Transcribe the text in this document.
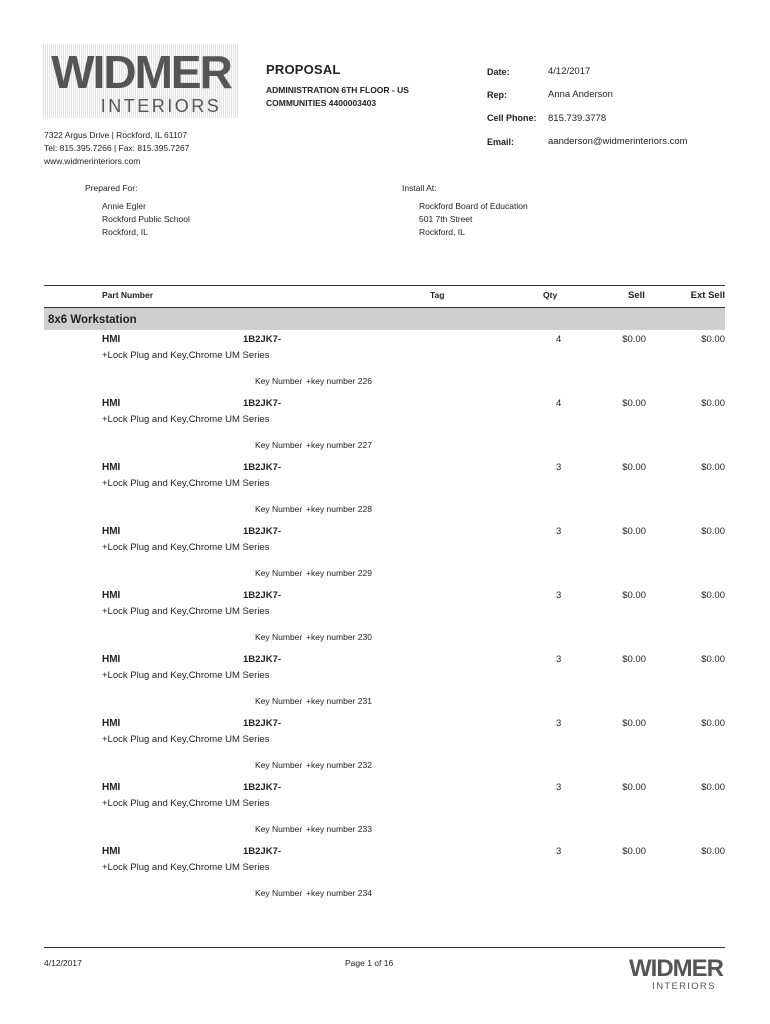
WIDMER
INTERIORS
PROPOSAL
ADMINISTRATION 6TH FLOOR - US
COMMUNITIES 4400003403
Date:	4/12/2017
Rep:	Anna Anderson
Cell Phone: 815.739.3778
Email:	aanderson@widmerinteriors.com
7322 Argus Drive | Rockford, IL 61107
Tel: 815.395.7266 | Fax: 815.395.7267
www.widmerinteriors.com
Prepared For:
Annie Egler
Rockford Public School
Rockford, IL
Install At:
Rockford Board of Education
501 7th Street
Rockford, IL
Part Number	Tag	Qty	Sell	Ext Sell
8x6 Workstation
HMI	1B2JK7-	4	$0.00	$0.00
+Lock Plug and Key,Chrome UM Series
Key Number +key number 226
HMI	1B2JK7-	4	$0.00	$0.00
+Lock Plug and Key,Chrome UM Series
Key Number +key number 227
HMI	1B2JK7-	3	$0.00	$0.00
+Lock Plug and Key,Chrome UM Series
Key Number +key number 228
HMI	1B2JK7-	3	$0.00	$0.00
+Lock Plug and Key,Chrome UM Series
Key Number +key number 229
HMI	1B2JK7-	3	$0.00	$0.00
+Lock Plug and Key,Chrome UM Series
Key Number +key number 230
HMI	1B2JK7-	3	$0.00	$0.00
+Lock Plug and Key,Chrome UM Series
Key Number +key number 231
HMI	1B2JK7-	3	$0.00	$0.00
+Lock Plug and Key,Chrome UM Series
Key Number +key number 232
HMI	1B2JK7-	3	$0.00	$0.00
+Lock Plug and Key,Chrome UM Series
Key Number +key number 233
HMI	1B2JK7-	3	$0.00	$0.00
+Lock Plug and Key,Chrome UM Series
Key Number +key number 234
4/12/2017	Page 1 of 16	WIDMER
INTERIORS
